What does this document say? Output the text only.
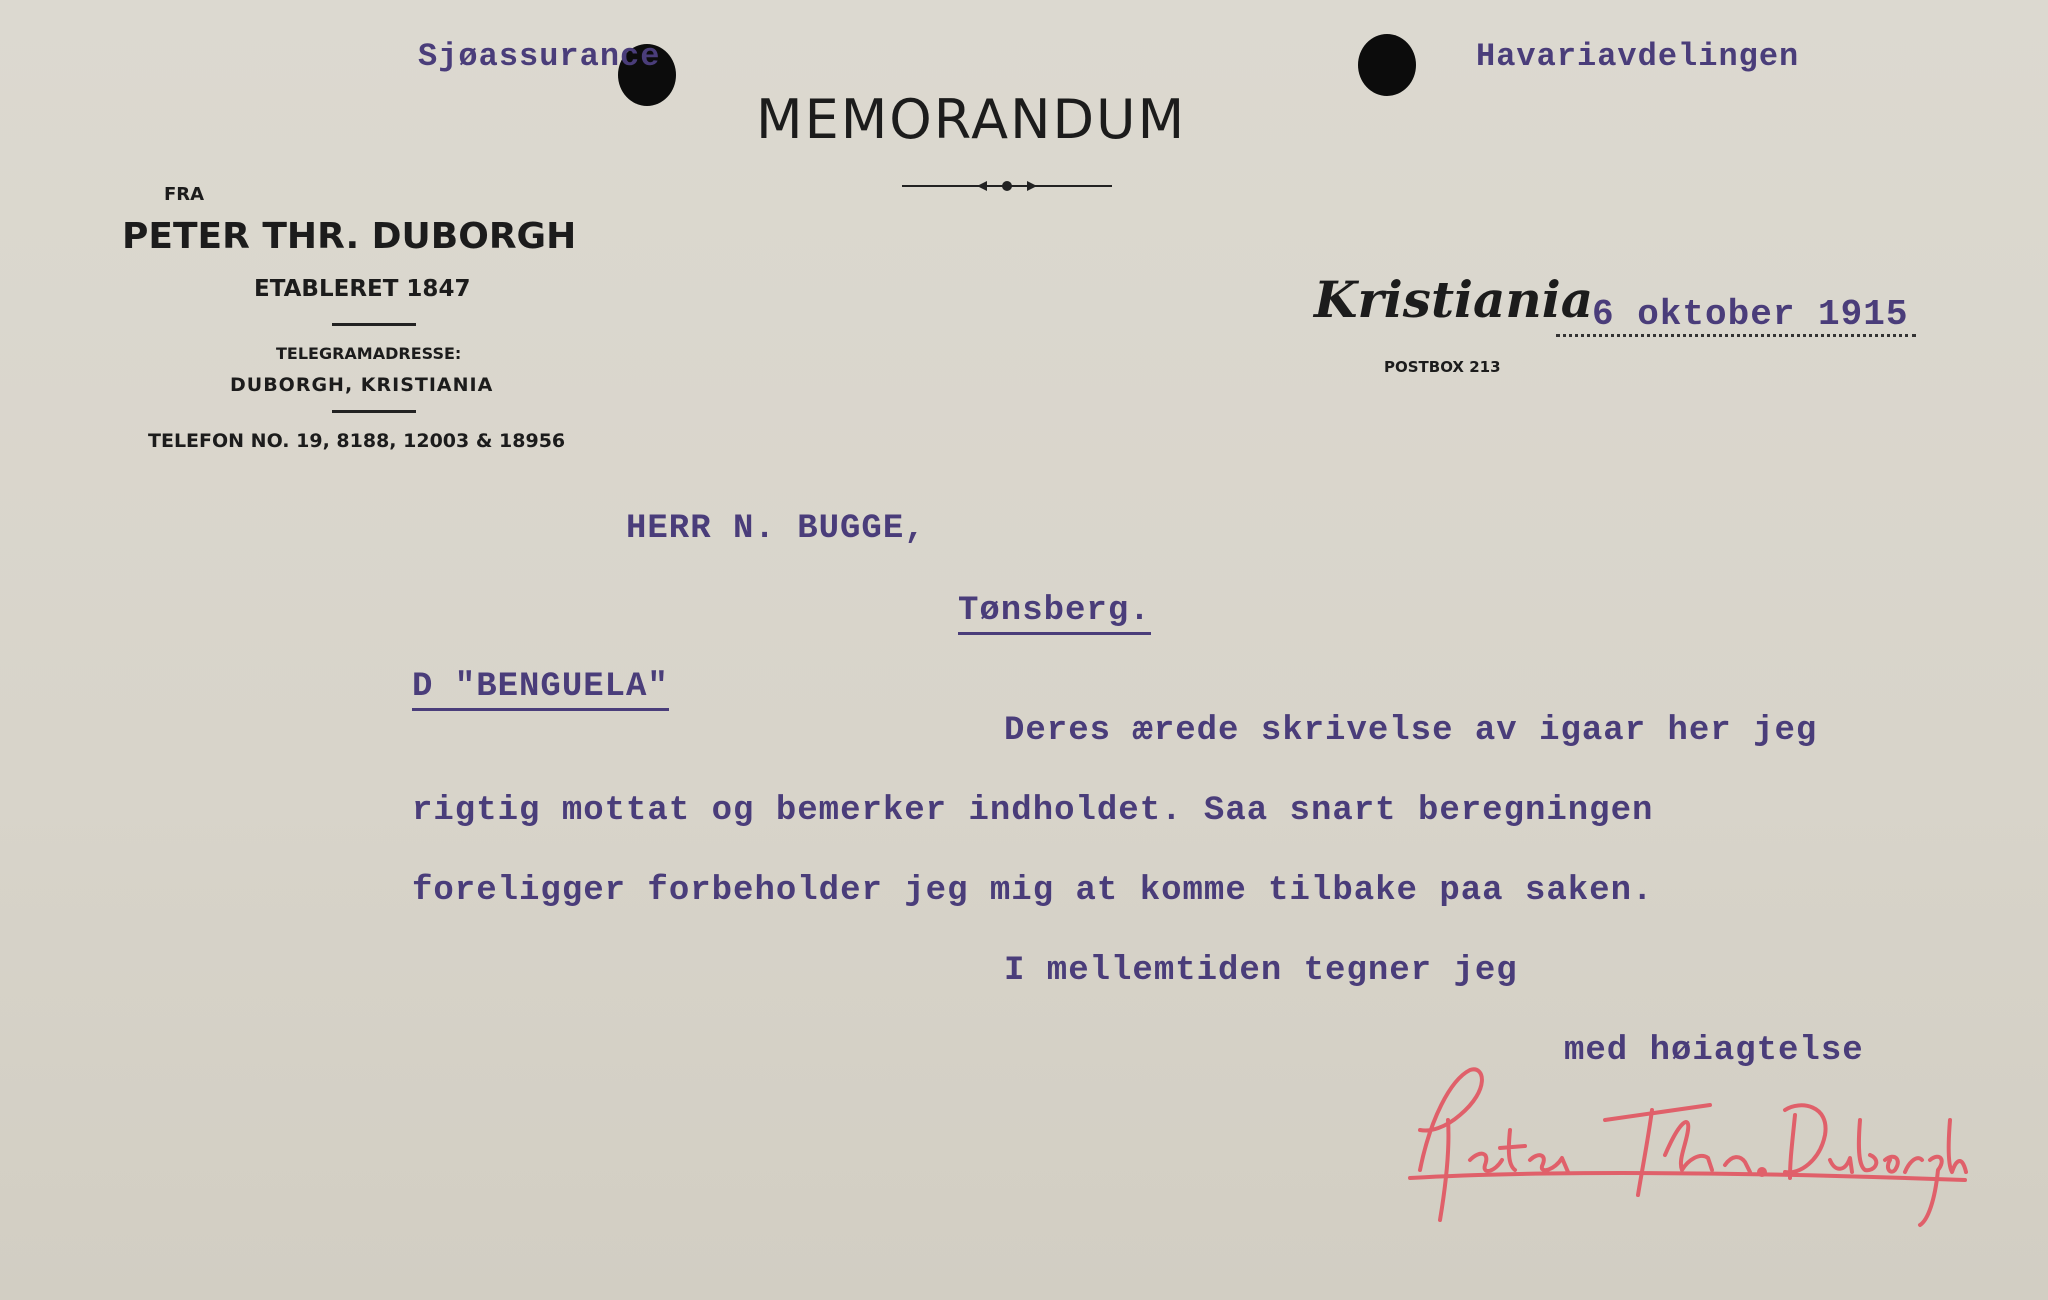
Sjøassurance	Havariavdelingen
MEMORANDUM
FRA
PETER THR. DUBORGH
ETABLERET 1847
TELEGRAMADRESSE:
DUBORGH, KRISTIANIA
TELEFON NO. 19, 8188, 12003 & 18956
Kristiania
6 oktober 1915
POSTBOX 213
HERR N. BUGGE,
Tønsberg.
D "BENGUELA"
Deres ærede skrivelse av igaar her jeg
rigtig mottat og bemerker indholdet. Saa snart beregningen
foreligger forbeholder jeg mig at komme tilbake paa saken.
I mellemtiden tegner jeg
med høiagtelse
